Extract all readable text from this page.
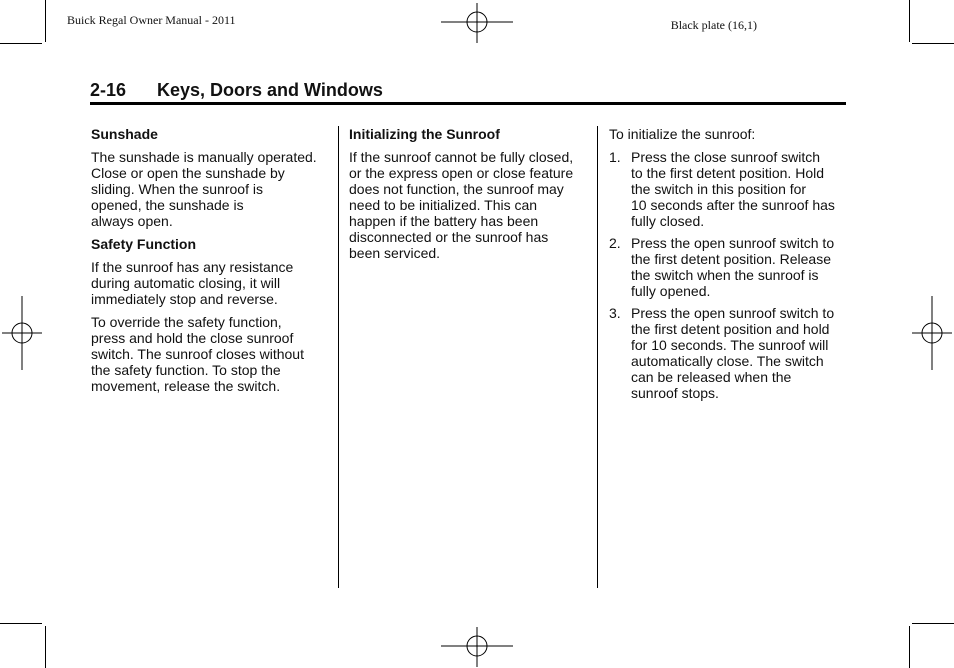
Buick Regal Owner Manual - 2011	Black plate (16,1)
2-16 Keys, Doors and Windows
Sunshade
The sunshade is manually operated.
Close or open the sunshade by
sliding. When the sunroof is
opened, the sunshade is
always open.
Safety Function
If the sunroof has any resistance
during automatic closing, it will
immediately stop and reverse.
To override the safety function,
press and hold the close sunroof
switch. The sunroof closes without
the safety function. To stop the
movement, release the switch.
Initializing the Sunroof
If the sunroof cannot be fully closed,
or the express open or close feature
does not function, the sunroof may
need to be initialized. This can
happen if the battery has been
disconnected or the sunroof has
been serviced.
To initialize the sunroof:
1. Press the close sunroof switch
to the first detent position. Hold
the switch in this position for
10 seconds after the sunroof has
fully closed.
2. Press the open sunroof switch to
the first detent position. Release
the switch when the sunroof is
fully opened.
3. Press the open sunroof switch to
the first detent position and hold
for 10 seconds. The sunroof will
automatically close. The switch
can be released when the
sunroof stops.
